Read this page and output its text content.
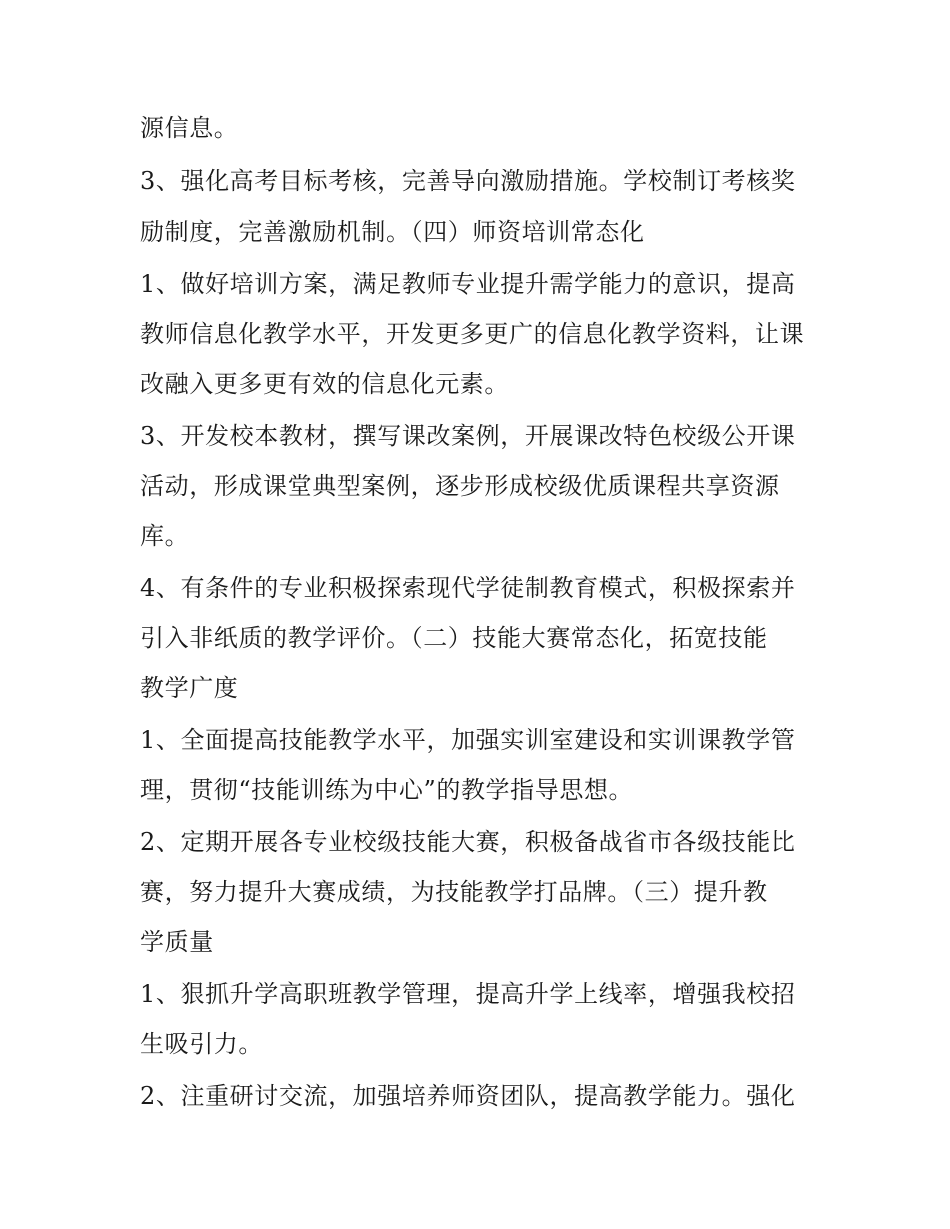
源信息。
3、强化高考目标考核，完善导向激励措施。学校制订考核奖
励制度，完善激励机制。（四）师资培训常态化
1、做好培训方案，满足教师专业提升需学能力的意识，提高
教师信息化教学水平，开发更多更广的信息化教学资料，让课
改融入更多更有效的信息化元素。
3、开发校本教材，撰写课改案例，开展课改特色校级公开课
活动，形成课堂典型案例，逐步形成校级优质课程共享资源
库。
4、有条件的专业积极探索现代学徒制教育模式，积极探索并
引入非纸质的教学评价。（二）技能大赛常态化，拓宽技能
教学广度
1、全面提高技能教学水平，加强实训室建设和实训课教学管
理，贯彻“技能训练为中心”的教学指导思想。
2、定期开展各专业校级技能大赛，积极备战省市各级技能比
赛，努力提升大赛成绩，为技能教学打品牌。（三）提升教
学质量
1、狠抓升学高职班教学管理，提高升学上线率，增强我校招
生吸引力。
2、注重研讨交流，加强培养师资团队，提高教学能力。强化
